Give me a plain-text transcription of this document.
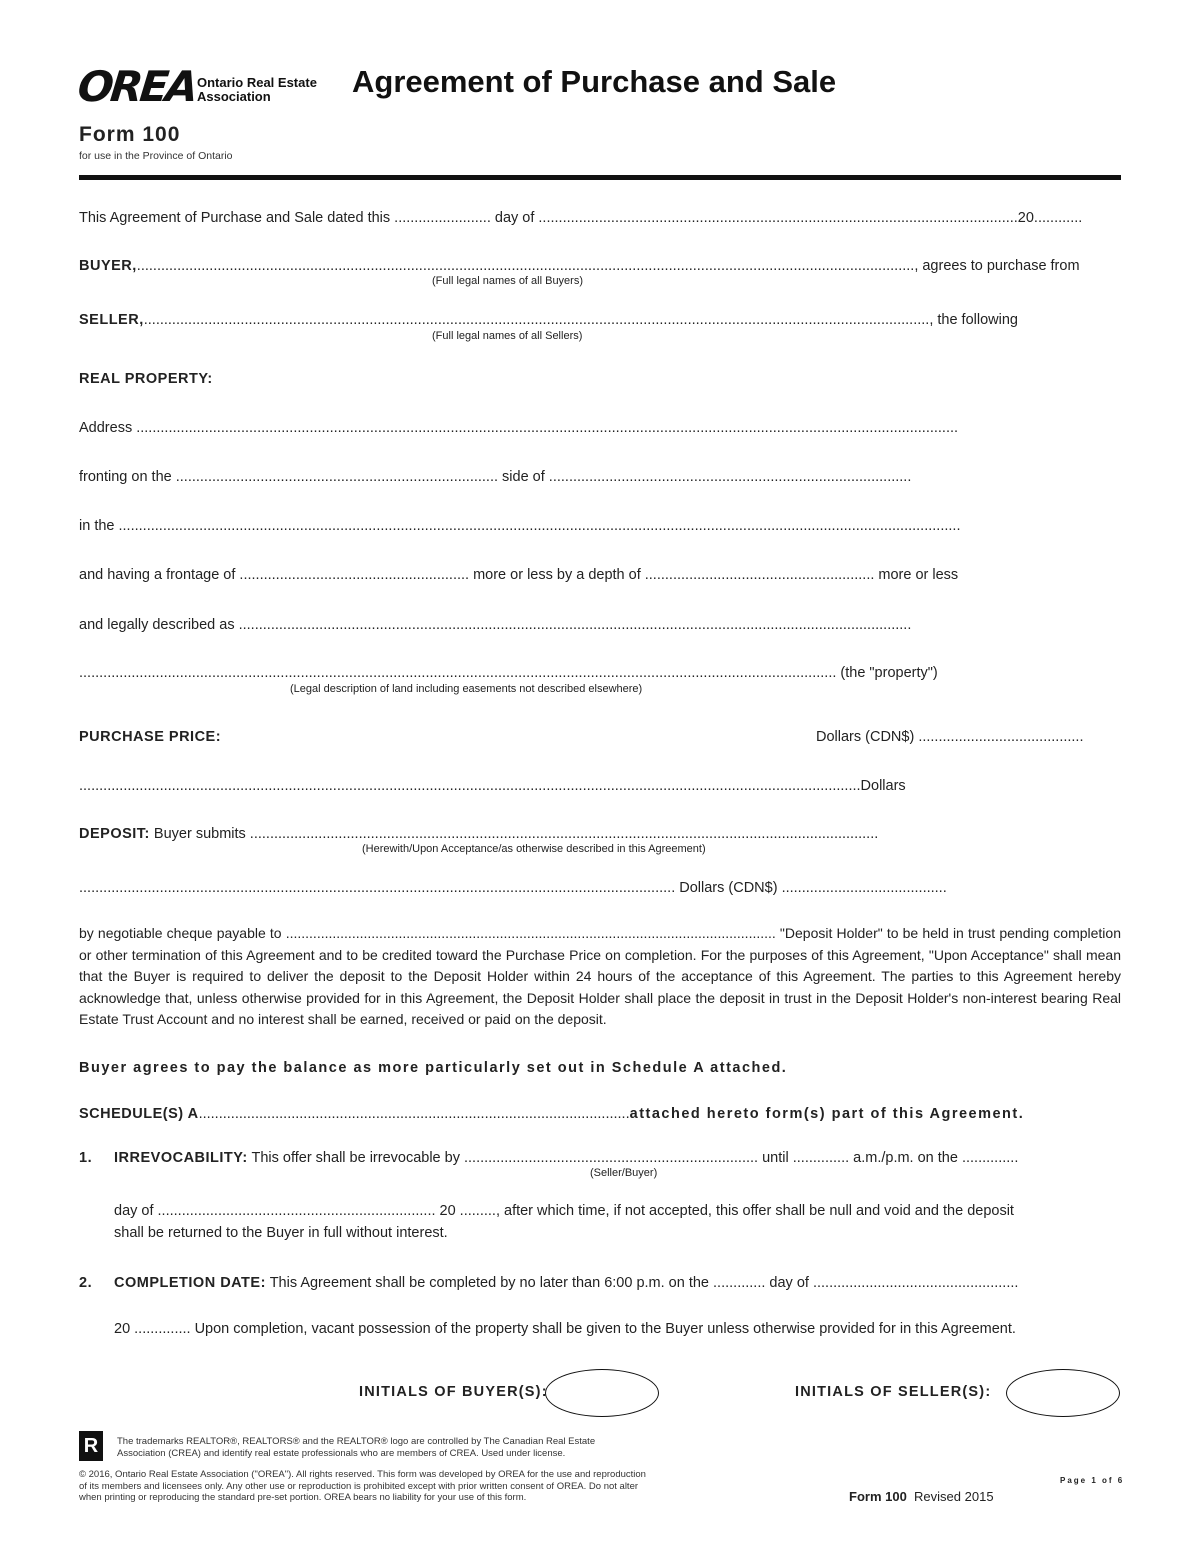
OREA Ontario Real Estate
Association	Agreement of Purchase and Sale
Form 100
for use in the Province of Ontario
This Agreement of Purchase and Sale dated this ........................ day of .......................................................................................................................20............
BUYER,................................................................................................................................................................................................., agrees to purchase from
(Full legal names of all Buyers)
SELLER,..................................................................................................................................................................................................., the following
(Full legal names of all Sellers)
REAL PROPERTY:
Address ............................................................................................................................................................................................................
fronting on the ................................................................................ side of ..........................................................................................
in the .................................................................................................................................................................................................................
and having a frontage of ......................................................... more or less by a depth of ......................................................... more or less
and legally described as .......................................................................................................................................................................
............................................................................................................................................................................................ (the "property")
(Legal description of land including easements not described elsewhere)
PURCHASE PRICE:	Dollars (CDN$) .........................................
..................................................................................................................................................................................................Dollars
DEPOSIT: Buyer submits ............................................................................................................................................................
(Herewith/Upon Acceptance/as otherwise described in this Agreement)
.................................................................................................................................................... Dollars (CDN$) .........................................
by negotiable cheque payable to .............................................................................................................................. "Deposit Holder" to be held in trust pending completion or other termination of this Agreement and to be credited toward the Purchase Price on completion. For the purposes of this Agreement, "Upon Acceptance" shall mean that the Buyer is required to deliver the deposit to the Deposit Holder within 24 hours of the acceptance of this Agreement. The parties to this Agreement hereby acknowledge that, unless otherwise provided for in this Agreement, the Deposit Holder shall place the deposit in trust in the Deposit Holder's non-interest bearing Real Estate Trust Account and no interest shall be earned, received or paid on the deposit.
Buyer agrees to pay the balance as more particularly set out in Schedule A attached.
SCHEDULE(S) A...........................................................................................................attached hereto form(s) part of this Agreement.
1. IRREVOCABILITY: This offer shall be irrevocable by ......................................................................... until .............. a.m./p.m. on the ..............
(Seller/Buyer)
day of ..................................................................... 20 ........., after which time, if not accepted, this offer shall be null and void and the deposit
shall be returned to the Buyer in full without interest.
2. COMPLETION DATE: This Agreement shall be completed by no later than 6:00 p.m. on the ............. day of ...................................................
20 .............. Upon completion, vacant possession of the property shall be given to the Buyer unless otherwise provided for in this Agreement.
INITIALS OF BUYER(S):	INITIALS OF SELLER(S):
R	The trademarks REALTOR®, REALTORS® and the REALTOR® logo are controlled by The Canadian Real Estate
Association (CREA) and identify real estate professionals who are members of CREA. Used under license.
© 2016, Ontario Real Estate Association ("OREA"). All rights reserved. This form was developed by OREA for the use and reproduction
of its members and licensees only. Any other use or reproduction is prohibited except with prior written consent of OREA. Do not alter
when printing or reproducing the standard pre-set portion. OREA bears no liability for your use of this form.
Page 1 of 6
Form 100 Revised 2015
